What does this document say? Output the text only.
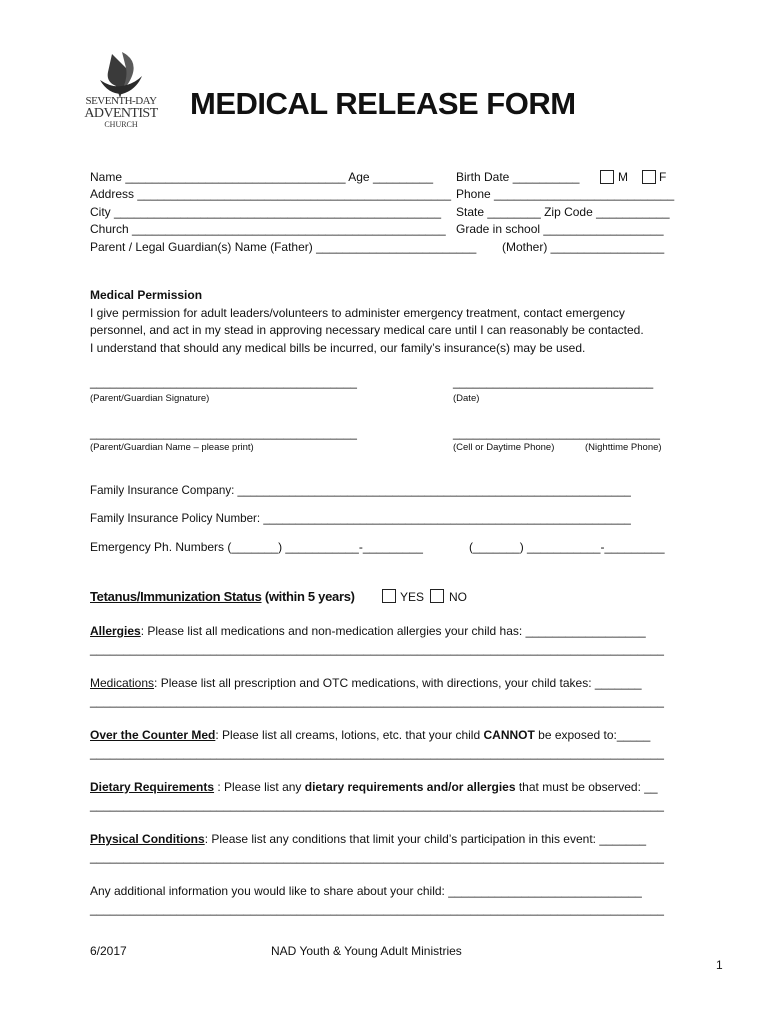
SEVENTH-DAY
ADVENTIST
CHURCH
MEDICAL RELEASE FORM
Name _________________________________ Age _________ Birth Date __________	M	F
Address _______________________________________________ Phone ___________________________
City _________________________________________________ State ________ Zip Code ___________
Church _______________________________________________ Grade in school __________________
Parent / Legal Guardian(s) Name (Father) ________________________ (Mother) _________________
Medical Permission
I give permission for adult leaders/volunteers to administer emergency treatment, contact emergency
personnel, and act in my stead in approving necessary medical care until I can reasonably be contacted.
I understand that should any medical bills be incurred, our family’s insurance(s) may be used.
________________________________________	______________________________
(Parent/Guardian Signature)	(Date)
________________________________________	_______________________________
(Parent/Guardian Name – please print)	(Cell or Daytime Phone)	(Nighttime Phone)
Family Insurance Company: _____________________________________________________________
Family Insurance Policy Number: _________________________________________________________
Emergency Ph. Numbers (_______) ___________-_________	(_______) ___________-_________
Tetanus/Immunization Status (within 5 years)	YES NO
Allergies: Please list all medications and non-medication allergies your child has: __________________
______________________________________________________________________________________
Medications: Please list all prescription and OTC medications, with directions, your child takes: _______
______________________________________________________________________________________
Over the Counter Med: Please list all creams, lotions, etc. that your child CANNOT be exposed to:_____
______________________________________________________________________________________
Dietary Requirements : Please list any dietary requirements and/or allergies that must be observed: __
______________________________________________________________________________________
Physical Conditions: Please list any conditions that limit your child’s participation in this event: _______
______________________________________________________________________________________
Any additional information you would like to share about your child: _____________________________
______________________________________________________________________________________
6/2017	NAD Youth & Young Adult Ministries
1
